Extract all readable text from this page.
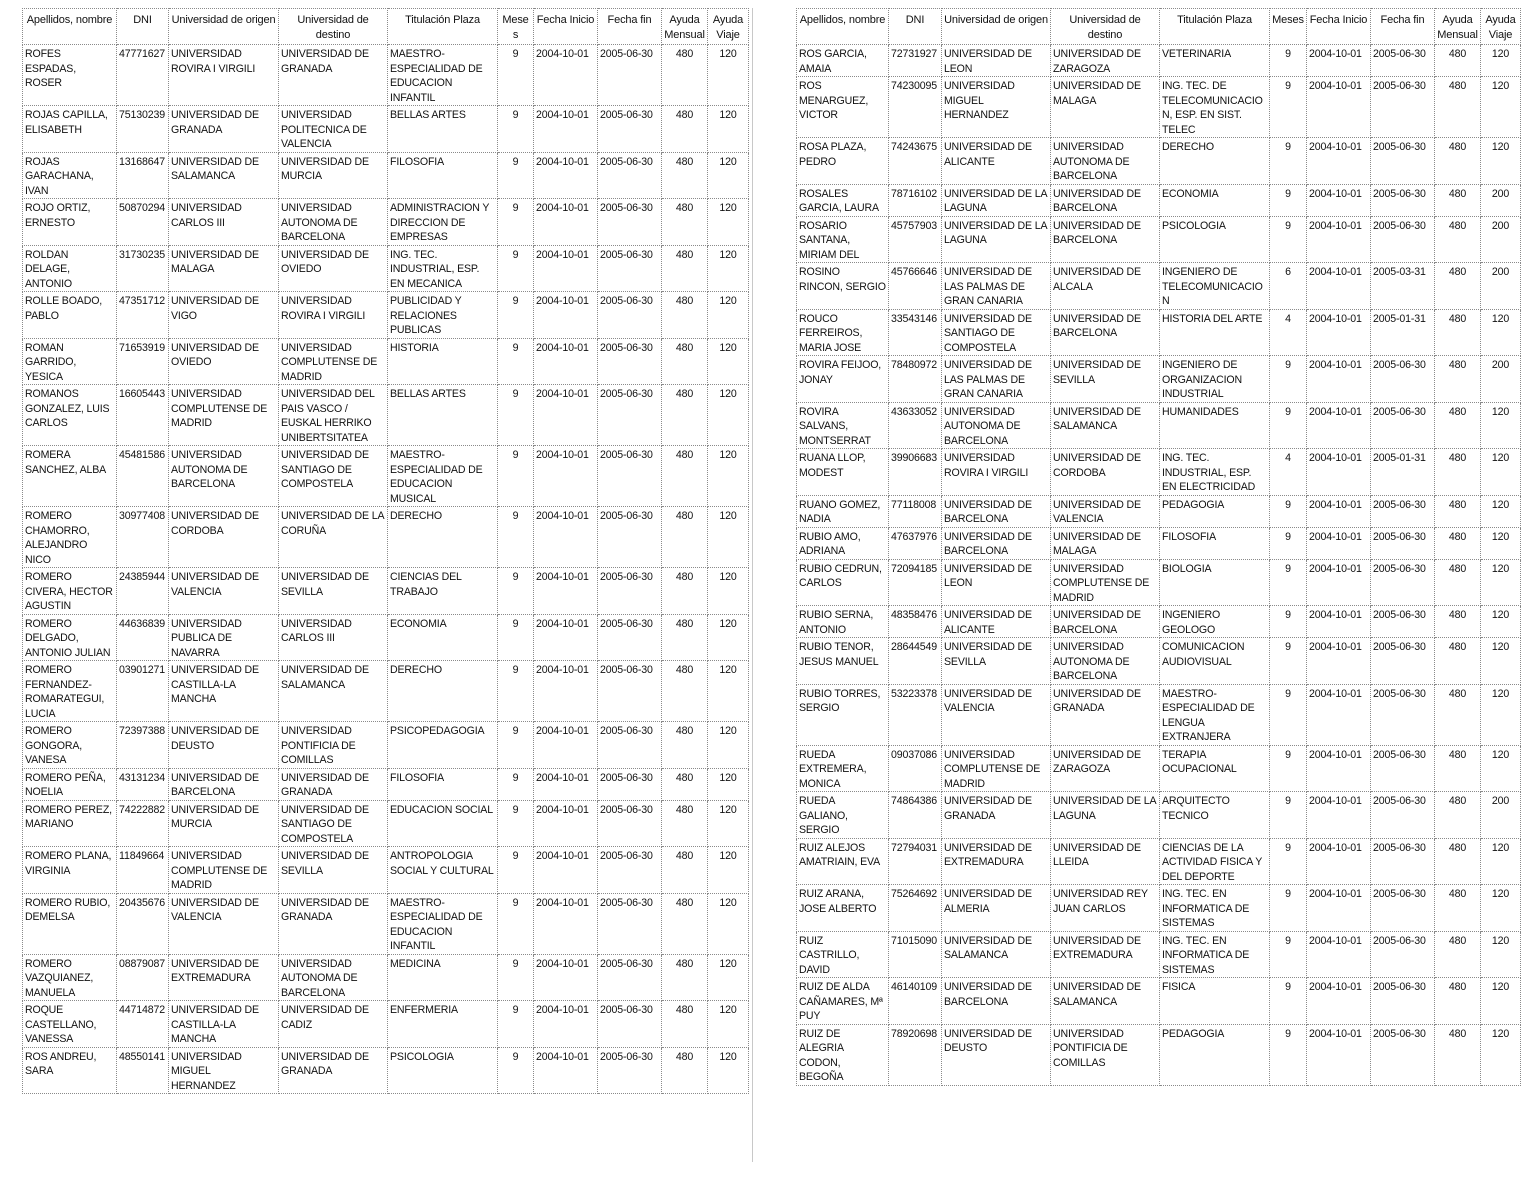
Apellidos, nombre	DNI	Universidad de origen	Universidad de destino	Titulación Plaza	Meses	Fecha Inicio	Fecha fin	Ayuda Mensual	Ayuda Viaje
ROFES ESPADAS, ROSER	47771627	UNIVERSIDAD ROVIRA I VIRGILI	UNIVERSIDAD DE GRANADA	MAESTRO-ESPECIALIDAD DE EDUCACION INFANTIL	9	2004-10-01	2005-06-30	480	120
ROJAS CAPILLA, ELISABETH	75130239	UNIVERSIDAD DE GRANADA	UNIVERSIDAD POLITECNICA DE VALENCIA	BELLAS ARTES	9	2004-10-01	2005-06-30	480	120
ROJAS GARACHANA, IVAN	13168647	UNIVERSIDAD DE SALAMANCA	UNIVERSIDAD DE MURCIA	FILOSOFIA	9	2004-10-01	2005-06-30	480	120
ROJO ORTIZ, ERNESTO	50870294	UNIVERSIDAD CARLOS III	UNIVERSIDAD AUTONOMA DE BARCELONA	ADMINISTRACION Y DIRECCION DE EMPRESAS	9	2004-10-01	2005-06-30	480	120
ROLDAN DELAGE, ANTONIO	31730235	UNIVERSIDAD DE MALAGA	UNIVERSIDAD DE OVIEDO	ING. TEC. INDUSTRIAL, ESP. EN MECANICA	9	2004-10-01	2005-06-30	480	120
ROLLE BOADO, PABLO	47351712	UNIVERSIDAD DE VIGO	UNIVERSIDAD ROVIRA I VIRGILI	PUBLICIDAD Y RELACIONES PUBLICAS	9	2004-10-01	2005-06-30	480	120
ROMAN GARRIDO, YESICA	71653919	UNIVERSIDAD DE OVIEDO	UNIVERSIDAD COMPLUTENSE DE MADRID	HISTORIA	9	2004-10-01	2005-06-30	480	120
ROMANOS GONZALEZ, LUIS CARLOS	16605443	UNIVERSIDAD COMPLUTENSE DE MADRID	UNIVERSIDAD DEL PAIS VASCO / EUSKAL HERRIKO UNIBERTSITATEA	BELLAS ARTES	9	2004-10-01	2005-06-30	480	120
ROMERA SANCHEZ, ALBA	45481586	UNIVERSIDAD AUTONOMA DE BARCELONA	UNIVERSIDAD DE SANTIAGO DE COMPOSTELA	MAESTRO-ESPECIALIDAD DE EDUCACION MUSICAL	9	2004-10-01	2005-06-30	480	120
ROMERO CHAMORRO, ALEJANDRO NICO	30977408	UNIVERSIDAD DE CORDOBA	UNIVERSIDAD DE LA CORUÑA	DERECHO	9	2004-10-01	2005-06-30	480	120
ROMERO CIVERA, HECTOR AGUSTIN	24385944	UNIVERSIDAD DE VALENCIA	UNIVERSIDAD DE SEVILLA	CIENCIAS DEL TRABAJO	9	2004-10-01	2005-06-30	480	120
ROMERO DELGADO, ANTONIO JULIAN	44636839	UNIVERSIDAD PUBLICA DE NAVARRA	UNIVERSIDAD CARLOS III	ECONOMIA	9	2004-10-01	2005-06-30	480	120
ROMERO FERNANDEZ-ROMARATEGUI, LUCIA	03901271	UNIVERSIDAD DE CASTILLA-LA MANCHA	UNIVERSIDAD DE SALAMANCA	DERECHO	9	2004-10-01	2005-06-30	480	120
ROMERO GONGORA, VANESA	72397388	UNIVERSIDAD DE DEUSTO	UNIVERSIDAD PONTIFICIA DE COMILLAS	PSICOPEDAGOGIA	9	2004-10-01	2005-06-30	480	120
ROMERO PEÑA, NOELIA	43131234	UNIVERSIDAD DE BARCELONA	UNIVERSIDAD DE GRANADA	FILOSOFIA	9	2004-10-01	2005-06-30	480	120
ROMERO PEREZ, MARIANO	74222882	UNIVERSIDAD DE MURCIA	UNIVERSIDAD DE SANTIAGO DE COMPOSTELA	EDUCACION SOCIAL	9	2004-10-01	2005-06-30	480	120
ROMERO PLANA, VIRGINIA	11849664	UNIVERSIDAD COMPLUTENSE DE MADRID	UNIVERSIDAD DE SEVILLA	ANTROPOLOGIA SOCIAL Y CULTURAL	9	2004-10-01	2005-06-30	480	120
ROMERO RUBIO, DEMELSA	20435676	UNIVERSIDAD DE VALENCIA	UNIVERSIDAD DE GRANADA	MAESTRO-ESPECIALIDAD DE EDUCACION INFANTIL	9	2004-10-01	2005-06-30	480	120
ROMERO VAZQUIANEZ, MANUELA	08879087	UNIVERSIDAD DE EXTREMADURA	UNIVERSIDAD AUTONOMA DE BARCELONA	MEDICINA	9	2004-10-01	2005-06-30	480	120
ROQUE CASTELLANO, VANESSA	44714872	UNIVERSIDAD DE CASTILLA-LA MANCHA	UNIVERSIDAD DE CADIZ	ENFERMERIA	9	2004-10-01	2005-06-30	480	120
ROS ANDREU, SARA	48550141	UNIVERSIDAD MIGUEL HERNANDEZ	UNIVERSIDAD DE GRANADA	PSICOLOGIA	9	2004-10-01	2005-06-30	480	120
Apellidos, nombre	DNI	Universidad de origen	Universidad de destino	Titulación Plaza	Meses	Fecha Inicio	Fecha fin	Ayuda Mensual	Ayuda Viaje
ROS GARCIA, AMAIA	72731927	UNIVERSIDAD DE LEON	UNIVERSIDAD DE ZARAGOZA	VETERINARIA	9	2004-10-01	2005-06-30	480	120
ROS MENARGUEZ, VICTOR	74230095	UNIVERSIDAD MIGUEL HERNANDEZ	UNIVERSIDAD DE MALAGA	ING. TEC. DE TELECOMUNICACION, ESP. EN SIST. TELEC	9	2004-10-01	2005-06-30	480	120
ROSA PLAZA, PEDRO	74243675	UNIVERSIDAD DE ALICANTE	UNIVERSIDAD AUTONOMA DE BARCELONA	DERECHO	9	2004-10-01	2005-06-30	480	120
ROSALES GARCIA, LAURA	78716102	UNIVERSIDAD DE LA LAGUNA	UNIVERSIDAD DE BARCELONA	ECONOMIA	9	2004-10-01	2005-06-30	480	200
ROSARIO SANTANA, MIRIAM DEL	45757903	UNIVERSIDAD DE LA LAGUNA	UNIVERSIDAD DE BARCELONA	PSICOLOGIA	9	2004-10-01	2005-06-30	480	200
ROSINO RINCON, SERGIO	45766646	UNIVERSIDAD DE LAS PALMAS DE GRAN CANARIA	UNIVERSIDAD DE ALCALA	INGENIERO DE TELECOMUNICACION	6	2004-10-01	2005-03-31	480	200
ROUCO FERREIROS, MARIA JOSE	33543146	UNIVERSIDAD DE SANTIAGO DE COMPOSTELA	UNIVERSIDAD DE BARCELONA	HISTORIA DEL ARTE	4	2004-10-01	2005-01-31	480	120
ROVIRA FEIJOO, JONAY	78480972	UNIVERSIDAD DE LAS PALMAS DE GRAN CANARIA	UNIVERSIDAD DE SEVILLA	INGENIERO DE ORGANIZACION INDUSTRIAL	9	2004-10-01	2005-06-30	480	200
ROVIRA SALVANS, MONTSERRAT	43633052	UNIVERSIDAD AUTONOMA DE BARCELONA	UNIVERSIDAD DE SALAMANCA	HUMANIDADES	9	2004-10-01	2005-06-30	480	120
RUANA LLOP, MODEST	39906683	UNIVERSIDAD ROVIRA I VIRGILI	UNIVERSIDAD DE CORDOBA	ING. TEC. INDUSTRIAL, ESP. EN ELECTRICIDAD	4	2004-10-01	2005-01-31	480	120
RUANO GOMEZ, NADIA	77118008	UNIVERSIDAD DE BARCELONA	UNIVERSIDAD DE VALENCIA	PEDAGOGIA	9	2004-10-01	2005-06-30	480	120
RUBIO AMO, ADRIANA	47637976	UNIVERSIDAD DE BARCELONA	UNIVERSIDAD DE MALAGA	FILOSOFIA	9	2004-10-01	2005-06-30	480	120
RUBIO CEDRUN, CARLOS	72094185	UNIVERSIDAD DE LEON	UNIVERSIDAD COMPLUTENSE DE MADRID	BIOLOGIA	9	2004-10-01	2005-06-30	480	120
RUBIO SERNA, ANTONIO	48358476	UNIVERSIDAD DE ALICANTE	UNIVERSIDAD DE BARCELONA	INGENIERO GEOLOGO	9	2004-10-01	2005-06-30	480	120
RUBIO TENOR, JESUS MANUEL	28644549	UNIVERSIDAD DE SEVILLA	UNIVERSIDAD AUTONOMA DE BARCELONA	COMUNICACION AUDIOVISUAL	9	2004-10-01	2005-06-30	480	120
RUBIO TORRES, SERGIO	53223378	UNIVERSIDAD DE VALENCIA	UNIVERSIDAD DE GRANADA	MAESTRO-ESPECIALIDAD DE LENGUA EXTRANJERA	9	2004-10-01	2005-06-30	480	120
RUEDA EXTREMERA, MONICA	09037086	UNIVERSIDAD COMPLUTENSE DE MADRID	UNIVERSIDAD DE ZARAGOZA	TERAPIA OCUPACIONAL	9	2004-10-01	2005-06-30	480	120
RUEDA GALIANO, SERGIO	74864386	UNIVERSIDAD DE GRANADA	UNIVERSIDAD DE LA LAGUNA	ARQUITECTO TECNICO	9	2004-10-01	2005-06-30	480	200
RUIZ ALEJOS AMATRIAIN, EVA	72794031	UNIVERSIDAD DE EXTREMADURA	UNIVERSIDAD DE LLEIDA	CIENCIAS DE LA ACTIVIDAD FISICA Y DEL DEPORTE	9	2004-10-01	2005-06-30	480	120
RUIZ ARANA, JOSE ALBERTO	75264692	UNIVERSIDAD DE ALMERIA	UNIVERSIDAD REY JUAN CARLOS	ING. TEC. EN INFORMATICA DE SISTEMAS	9	2004-10-01	2005-06-30	480	120
RUIZ CASTRILLO, DAVID	71015090	UNIVERSIDAD DE SALAMANCA	UNIVERSIDAD DE EXTREMADURA	ING. TEC. EN INFORMATICA DE SISTEMAS	9	2004-10-01	2005-06-30	480	120
RUIZ DE ALDA CAÑAMARES, Mª PUY	46140109	UNIVERSIDAD DE BARCELONA	UNIVERSIDAD DE SALAMANCA	FISICA	9	2004-10-01	2005-06-30	480	120
RUIZ DE ALEGRIA CODON, BEGOÑA	78920698	UNIVERSIDAD DE DEUSTO	UNIVERSIDAD PONTIFICIA DE COMILLAS	PEDAGOGIA	9	2004-10-01	2005-06-30	480	120
